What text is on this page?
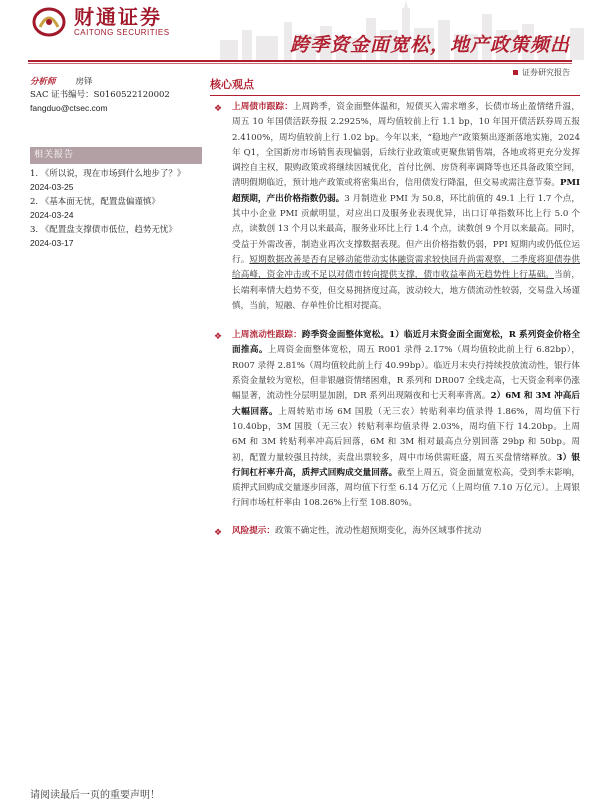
财通证券
CAITONG SECURITIES
跨季资金面宽松，地产政策频出
证券研究报告
分析师 房铎
SAC 证书编号：S0160522120002
fangduo@ctsec.com
相关报告
1. 《所以说，现在市场到什么地步了？》
2024-03-25
2. 《基本面无忧，配置盘偏谨慎》
2024-03-24
3. 《配置盘支撑债市低位，趋势无忧》
2024-03-17
核心观点
❖ 上周债市跟踪：上周跨季，资金面整体温和，短债买入需求增多，长债市场止盈情绪升温，周五 10 年国债活跃券报 2.2925%，周均值较前上行 1.1 bp，10 年国开债活跃券周五报 2.4100%，周均值较前上行 1.02 bp。今年以来，“稳地产”政策频出逐渐落地实施，2024 年 Q1，全国新房市场销售表现偏弱，后续行业政策或更聚焦销售端，各地或将更充分发挥调控自主权，限购政策或将继续因城优化，首付比例、房贷利率调降等也还具备政策空间，清明假期临近，预计地产政策或将密集出台，信用债发行降温，但交易或需注意节奏。PMI 超预期，产出价格指数仍弱。3 月制造业 PMI 为 50.8，环比前值的 49.1 上行 1.7 个点，其中小企业 PMI 贡献明显，对应出口及服务业表现优异，出口订单指数环比上行 5.0 个点，读数创 13 个月以来最高，服务业环比上行 1.4 个点，读数创 9 个月以来最高。同时，受益于外需改善，制造业再次支撑数据表现。但产出价格指数仍弱，PPI 短期内或仍低位运行。短期数据改善是否有足够动能带动实体融资需求较快回升尚需观察，二季度将迎债券供给高峰，资金冲击或不足以对债市转向提供支撑，债市收益率尚无趋势性上行基础。当前，长端利率情大趋势不变，但交易拥挤度过高，波动较大，地方债流动性较弱，交易盘入场谨慎，当前，短融、存单性价比相对提高。
❖ 上周流动性跟踪：跨季资金面整体宽松。1）临近月末资金面全面宽松，R 系列资金价格全面推高。上周资金面整体宽松，周五 R001 录得 2.17%（周均值较此前上行 6.82bp），R007 录得 2.81%（周均值较此前上行 40.99bp）。临近月末央行持续投放流动性，银行体系资金量较为宽松，但非银融资情绪困难，R 系列和 DR007 全线走高，七天资金利率仍涨幅显著，流动性分层明显加剧，DR 系列出现隔夜和七天利率背离。2）6M 和 3M 冲高后大幅回落。上周转贴市场 6M 国股（无三农）转贴利率均值录得 1.86%，周均值下行 10.40bp，3M 国股（无三农）转贴利率均值录得 2.03%，周均值下行 14.20bp。上周 6M 和 3M 转贴利率冲高后回落，6M 和 3M 相对最高点分别回落 29bp 和 50bp。周初，配置力量较强且持续，卖盘出票较多，周中市场供需旺盛，周五买盘情绪释放。3）银行间杠杆率升高，质押式回购成交量回落。截至上周五，资金面量宽松高，受到季末影响，质押式回购成交量逐步回落，周均值下行至 6.14 万亿元（上周均值 7.10 万亿元）。上周银行间市场杠杆率由 108.26%上行至 108.80%。
❖ 风险提示：政策不确定性，流动性超预期变化，海外区域事件扰动
请阅读最后一页的重要声明！
